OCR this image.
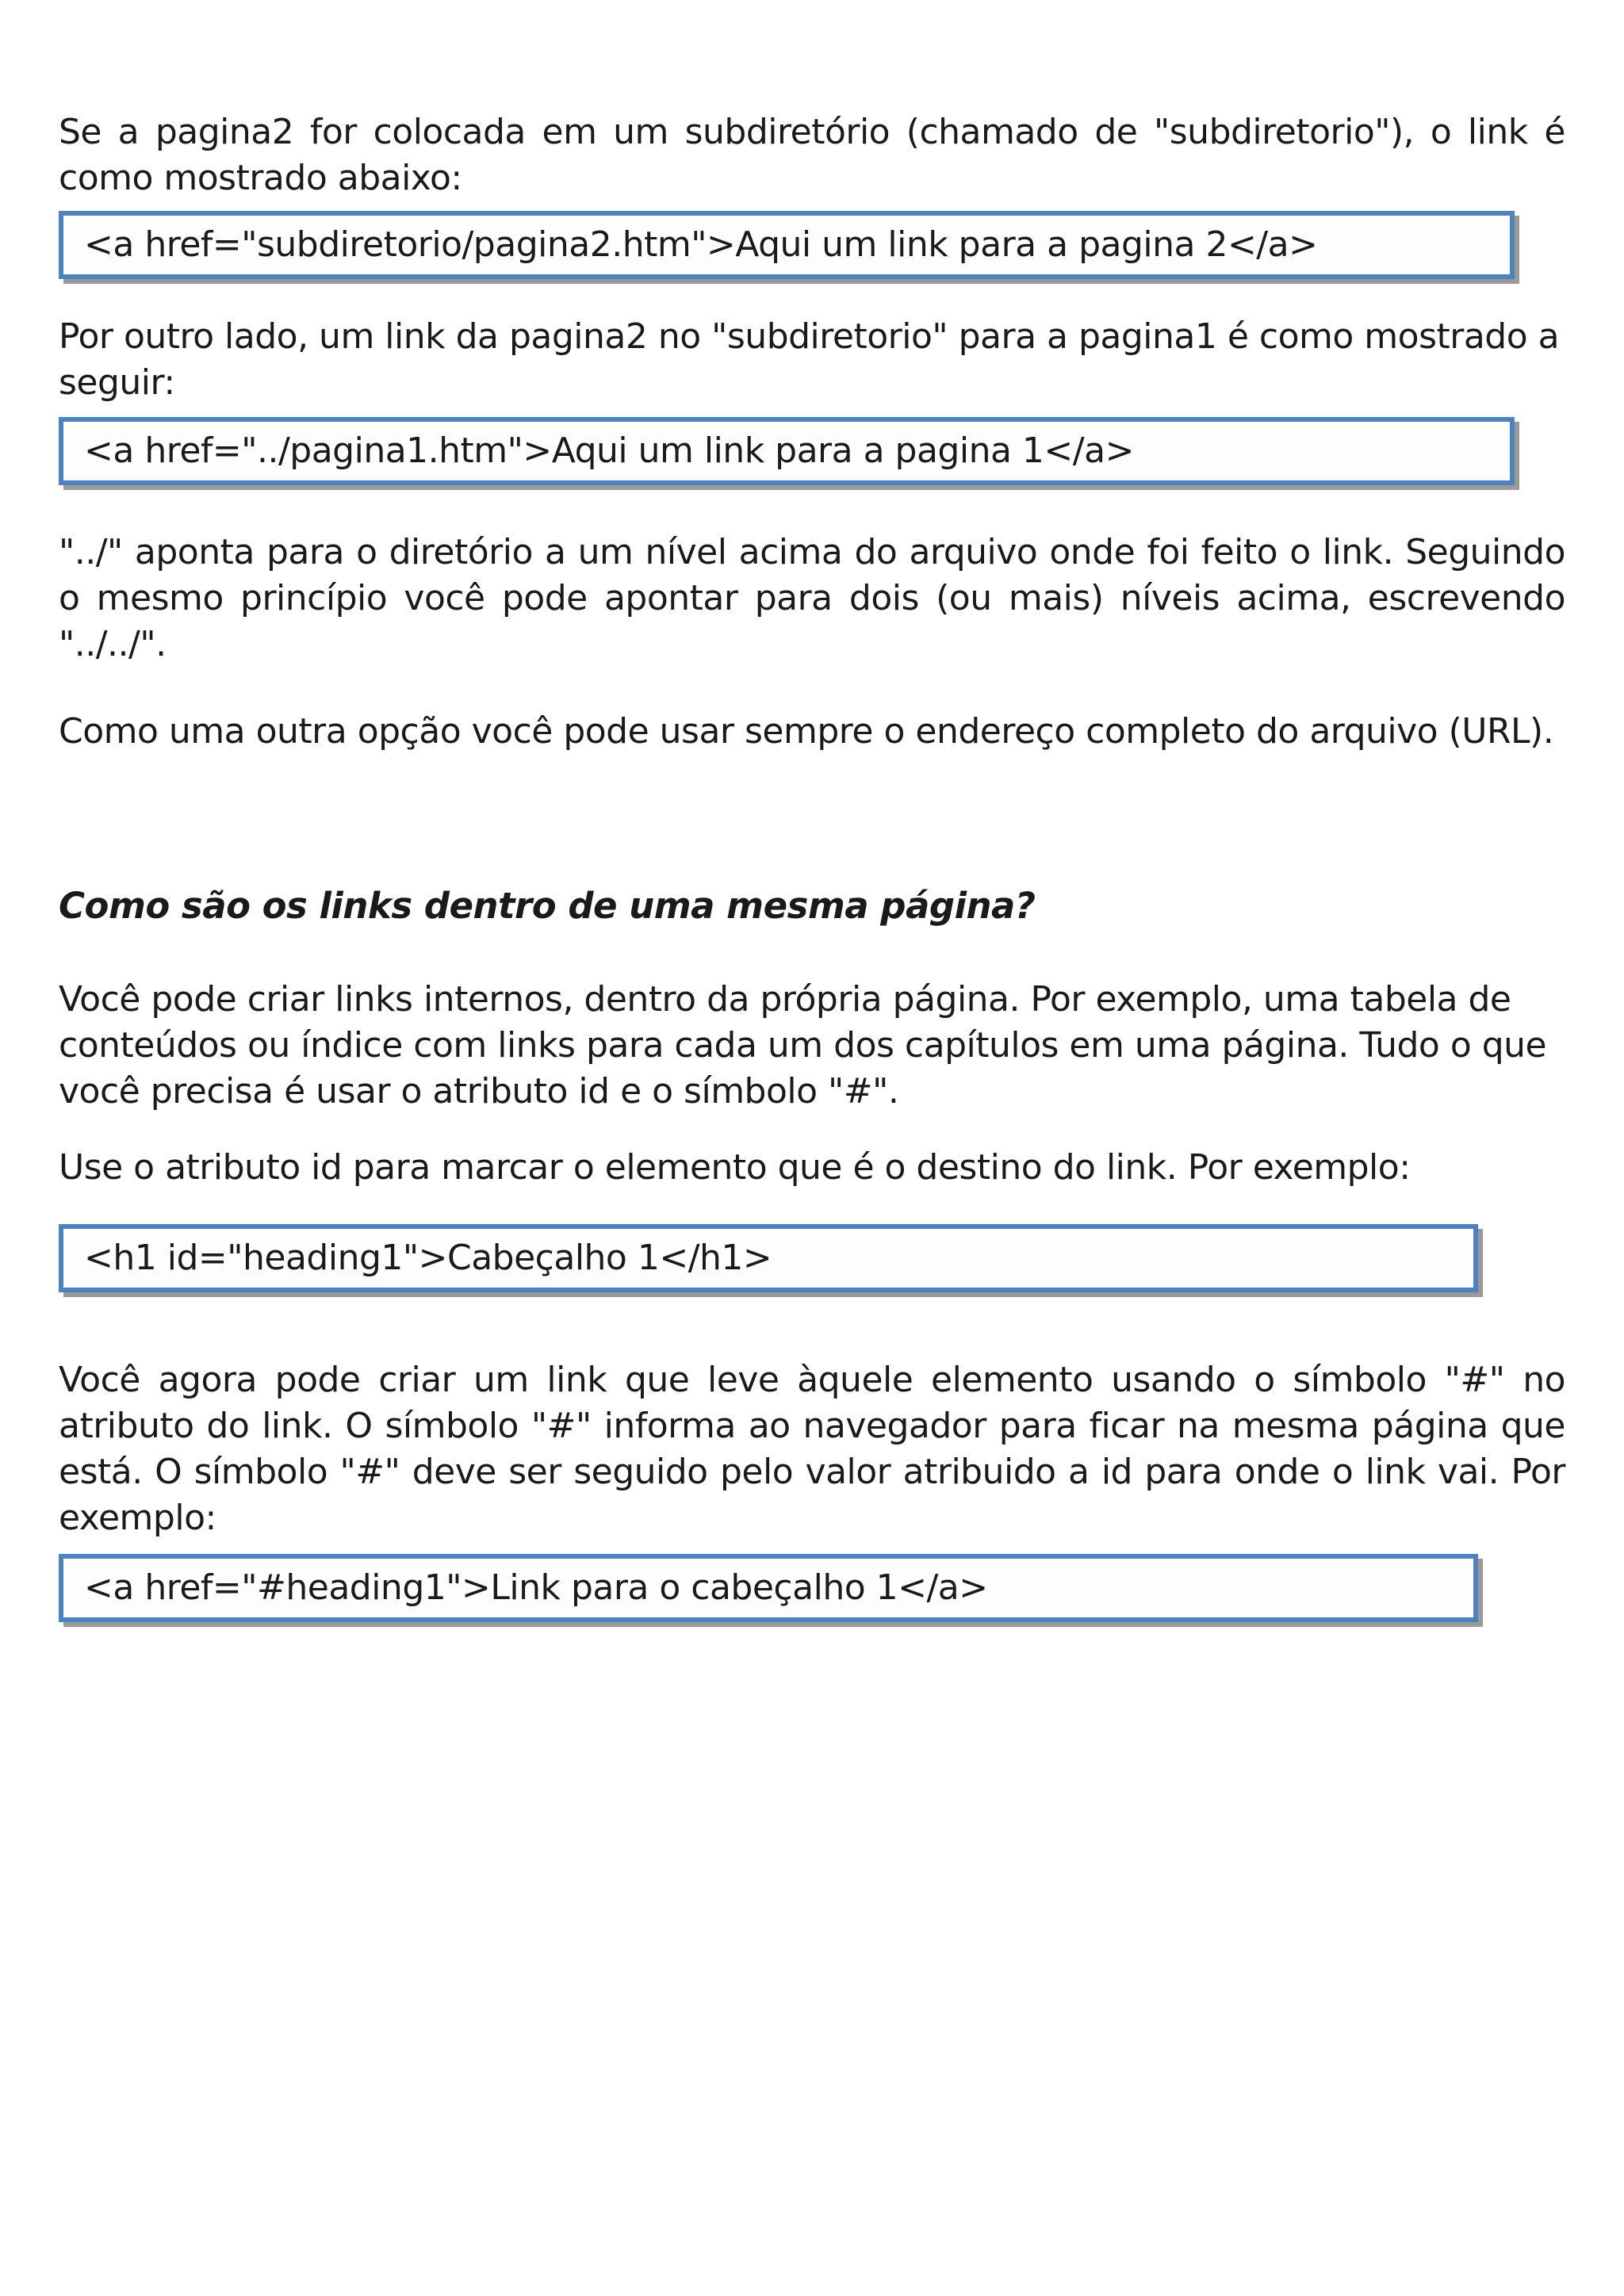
Se a pagina2 for colocada em um subdiretório (chamado de "subdiretorio"), o link é como mostrado abaixo:

<a href="subdiretorio/pagina2.htm">Aqui um link para a pagina 2</a>

Por outro lado, um link da pagina2 no "subdiretorio" para a pagina1 é como mostrado a seguir:

<a href="../pagina1.htm">Aqui um link para a pagina 1</a>

"../" aponta para o diretório a um nível acima do arquivo onde foi feito o link. Seguindo o mesmo princípio você pode apontar para dois (ou mais) níveis acima, escrevendo "../../".

Como uma outra opção você pode usar sempre o endereço completo do arquivo (URL).

Como são os links dentro de uma mesma página?

Você pode criar links internos, dentro da própria página. Por exemplo, uma tabela de conteúdos ou índice com links para cada um dos capítulos em uma página. Tudo o que você precisa é usar o atributo id e o símbolo "#".

Use o atributo id para marcar o elemento que é o destino do link. Por exemplo:

<h1 id="heading1">Cabeçalho 1</h1>

Você agora pode criar um link que leve àquele elemento usando o símbolo "#" no atributo do link. O símbolo "#" informa ao navegador para ficar na mesma página que está. O símbolo "#" deve ser seguido pelo valor atribuido a id para onde o link vai. Por exemplo:

<a href="#heading1">Link para o cabeçalho 1</a>
